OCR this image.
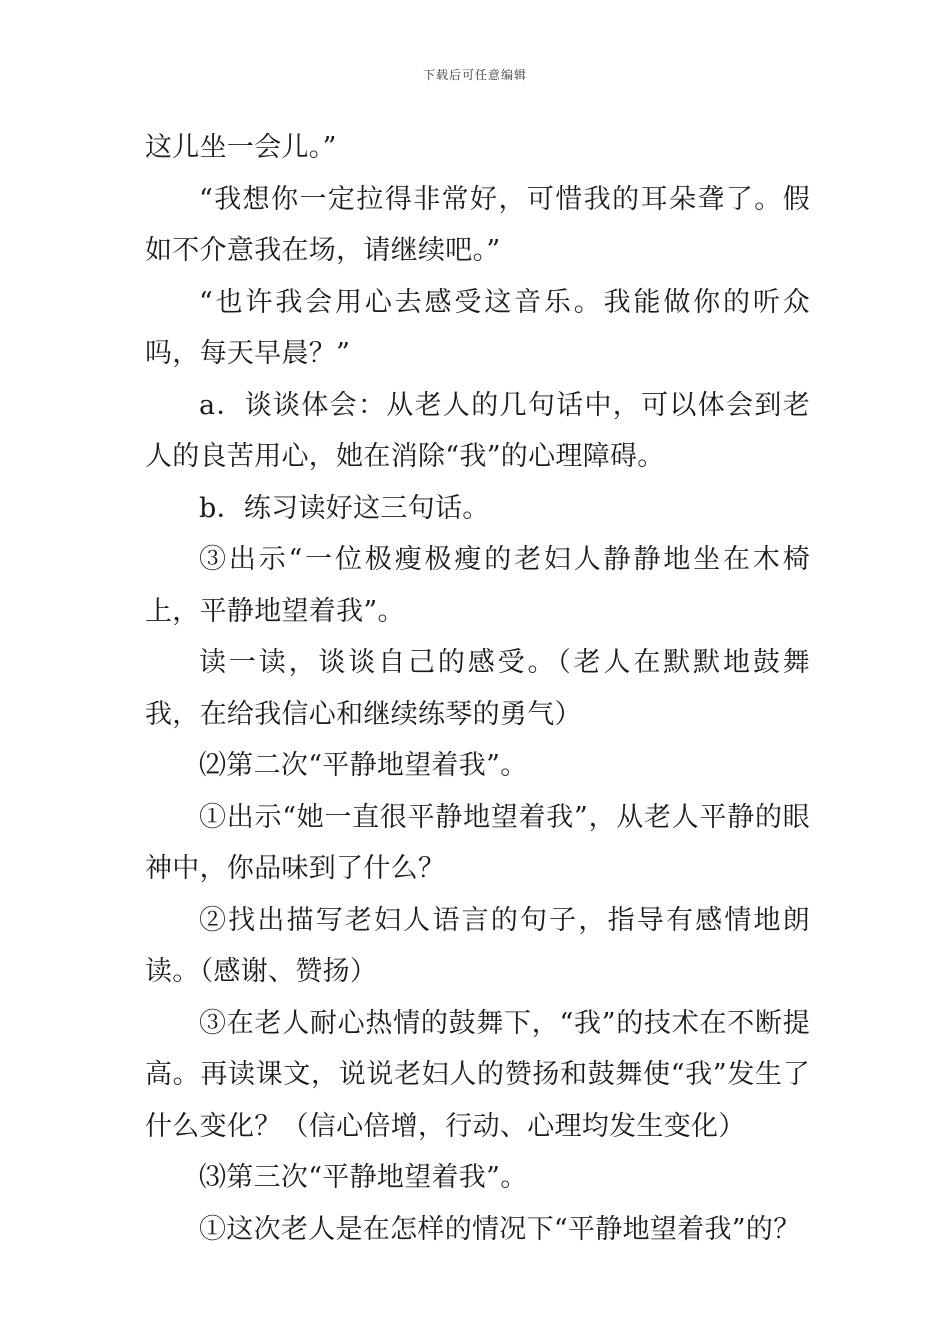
下载后可任意编辑

这儿坐一会儿。”

“我想你一定拉得非常好，可惜我的耳朵聋了。假如不介意我在场，请继续吧。”

“也许我会用心去感受这音乐。我能做你的听众吗，每天早晨？”

a．谈谈体会：从老人的几句话中，可以体会到老人的良苦用心，她在消除“我”的心理障碍。

b．练习读好这三句话。

③出示“一位极瘦极瘦的老妇人静静地坐在木椅上，平静地望着我”。

读一读，谈谈自己的感受。（老人在默默地鼓舞我，在给我信心和继续练琴的勇气）

⑵第二次“平静地望着我”。

①出示“她一直很平静地望着我”，从老人平静的眼神中，你品味到了什么？

②找出描写老妇人语言的句子，指导有感情地朗读。（感谢、赞扬）

③在老人耐心热情的鼓舞下，“我”的技术在不断提高。再读课文，说说老妇人的赞扬和鼓舞使“我”发生了什么变化？（信心倍增，行动、心理均发生变化）

⑶第三次“平静地望着我”。

①这次老人是在怎样的情况下“平静地望着我”的？
